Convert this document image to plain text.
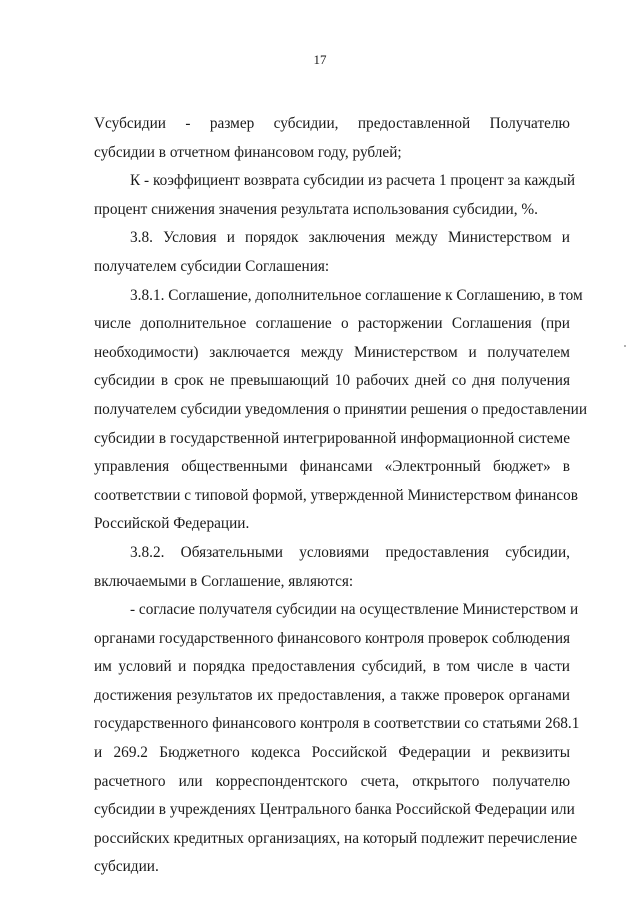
17
Vсубсидии - размер субсидии, предоставленной Получателю
субсидии в отчетном финансовом году, рублей;
К - коэффициент возврата субсидии из расчета 1 процент за каждый
процент снижения значения результата использования субсидии, %.
3.8. Условия и порядок заключения между Министерством и
получателем субсидии Соглашения:
3.8.1. Соглашение, дополнительное соглашение к Соглашению, в том
числе дополнительное соглашение о расторжении Соглашения (при
необходимости) заключается между Министерством и получателем
субсидии в срок не превышающий 10 рабочих дней со дня получения
получателем субсидии уведомления о принятии решения о предоставлении
субсидии в государственной интегрированной информационной системе
управления общественными финансами «Электронный бюджет» в
соответствии с типовой формой, утвержденной Министерством финансов
Российской Федерации.
3.8.2. Обязательными условиями предоставления субсидии,
включаемыми в Соглашение, являются:
- согласие получателя субсидии на осуществление Министерством и
органами государственного финансового контроля проверок соблюдения
им условий и порядка предоставления субсидий, в том числе в части
достижения результатов их предоставления, а также проверок органами
государственного финансового контроля в соответствии со статьями 268.1
и 269.2 Бюджетного кодекса Российской Федерации и реквизиты
расчетного или корреспондентского счета, открытого получателю
субсидии в учреждениях Центрального банка Российской Федерации или
российских кредитных организациях, на который подлежит перечисление
субсидии.
